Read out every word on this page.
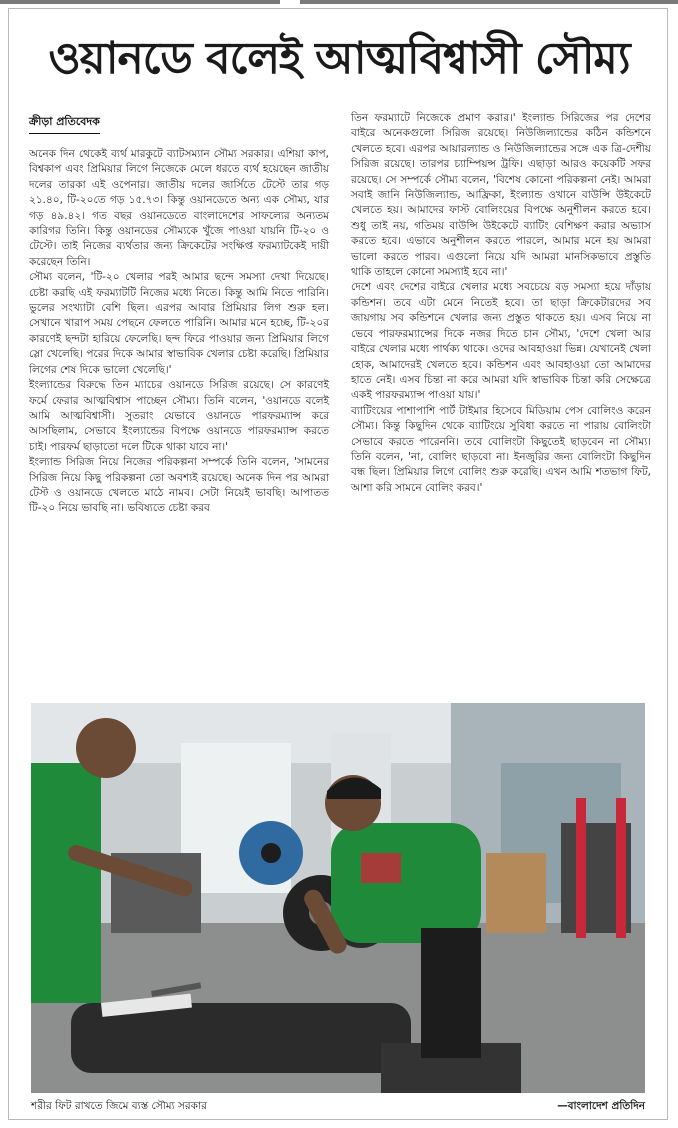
ওয়ানডে বলেই আত্মবিশ্বাসী সৌম্য
ক্রীড়া প্রতিবেদক

অনেক দিন থেকেই ব্যর্থ মারকুটে ব্যাটসম্যান সৌম্য সরকার। এশিয়া কাপ, বিশ্বকাপ এবং প্রিমিয়ার লিগে নিজেকে মেলে ধরতে ব্যর্থ হয়েছেন জাতীয় দলের তারকা এই ওপেনার। জাতীয় দলের জার্সিতে টেস্টে তার গড় ২১.৪০, টি-২০তে গড় ১৫.৭৩। কিন্তু ওয়ানডেতে অন্য এক সৌম্য, যার গড় ৪৯.৪২। গত বছর ওয়ানডেতে বাংলাদেশের সাফল্যের অন্যতম কারিগর তিনি। কিন্তু ওয়ানডের সৌম্যকে খুঁজে পাওয়া যায়নি টি-২০ ও টেস্টে। তাই নিজের ব্যর্থতার জন্য ক্রিকেটের সংক্ষিপ্ত ফরম্যাটকেই দায়ী করেছেন তিনি।

সৌম্য বলেন, 'টি-২০ খেলার পরই আমার ছন্দে সমস্যা দেখা দিয়েছে। চেষ্টা করছি এই ফরম্যাটটি নিজের মধ্যে নিতে। কিন্তু আমি নিতে পারিনি। ভুলের সংখ্যাটা বেশি ছিল। এরপর আবার প্রিমিয়ার লিগ শুরু হল। সেখানে খারাপ সময় পেছনে ফেলতে পারিনি। আমার মনে হচ্ছে, টি-২০র কারণেই ছন্দটা হারিয়ে ফেলেছি। ছন্দ ফিরে পাওয়ার জন্য প্রিমিয়ার লিগে স্লো খেলেছি। পরের দিকে আমার স্বাভাবিক খেলার চেষ্টা করেছি। প্রিমিয়ার লিগের শেষ দিকে ভালো খেলেছি।'

ইংল্যান্ডের বিরুদ্ধে তিন ম্যাচের ওয়ানডে সিরিজ রয়েছে। সে কারণেই ফর্মে ফেরার আত্মবিশ্বাস পাচ্ছেন সৌম্য। তিনি বলেন, 'ওয়ানডে বলেই আমি আত্মবিশ্বাসী। সুতরাং যেভাবে ওয়ানডে পারফরম্যান্স করে আসছিলাম, সেভাবে ইংল্যান্ডের বিপক্ষে ওয়ানডে পারফরম্যান্স করতে চাই। পারফর্ম ছাড়াতো দলে টিকে থাকা যাবে না।'

ইংল্যান্ড সিরিজ নিয়ে নিজের পরিকল্পনা সম্পর্কে তিনি বলেন, 'সামনের সিরিজ নিয়ে কিছু পরিকল্পনা তো অবশ্যই রয়েছে। অনেক দিন পর আমরা টেস্ট ও ওয়ানডে খেলতে মাঠে নামব। সেটা নিয়েই ভাবছি। আপাতত টি-২০ নিয়ে ভাবছি না। ভবিষ্যতে চেষ্টা করব

তিন ফরম্যাটে নিজেকে প্রমাণ করার।' ইংল্যান্ড সিরিজের পর দেশের বাইরে অনেকগুলো সিরিজ রয়েছে। নিউজিল্যান্ডের কঠিন কন্ডিশনে খেলতে হবে। এরপর আয়ারল্যান্ড ও নিউজিল্যান্ডের সঙ্গে এক ত্রি-দেশীয় সিরিজ রয়েছে। তারপর চ্যাম্পিয়ন্স ট্রফি। এছাড়া আরও কয়েকটি সফর রয়েছে। সে সম্পর্কে সৌম্য বলেন, 'বিশেষ কোনো পরিকল্পনা নেই। আমরা সবাই জানি নিউজিল্যান্ড, আফ্রিকা, ইংল্যান্ড ওখানে বাউন্সি উইকেটে খেলতে হয়। আমাদের ফাস্ট বোলিংয়ের বিপক্ষে অনুশীলন করতে হবে। শুধু তাই নয়, গতিময় বাউন্সি উইকেটে ব্যাটিং বেশিক্ষণ করার অভ্যাস করতে হবে। এভাবে অনুশীলন করতে পারলে, আমার মনে হয় আমরা ভালো করতে পারব। এগুলো নিয়ে যদি আমরা মানসিকভাবে প্রস্তুতি থাকি তাহলে কোনো সমস্যাই হবে না।'

দেশে এবং দেশের বাইরে খেলার মধ্যে সবচেয়ে বড় সমস্যা হয়ে দাঁড়ায় কন্ডিশন। তবে এটা মেনে নিতেই হবে। তা ছাড়া ক্রিকেটারদের সব জায়গায় সব কন্ডিশনে খেলার জন্য প্রস্তুত থাকতে হয়। এসব নিয়ে না ভেবে পারফরম্যান্সের দিকে নজর দিতে চান সৌম্য, 'দেশে খেলা আর বাইরে খেলার মধ্যে পার্থক্য থাকে। ওদের আবহাওয়া ভিন্ন। যেখানেই খেলা হোক, আমাদেরই খেলতে হবে। কন্ডিশন এবং আবহাওয়া তো আমাদের হাতে নেই। এসব চিন্তা না করে আমরা যদি স্বাভাবিক চিন্তা করি সেক্ষেত্রে একই পারফরম্যান্স পাওয়া যায়।'

ব্যাটিংয়ের পাশাপাশি পার্ট টাইমার হিসেবে মিডিয়াম পেস বোলিংও করেন সৌম্য। কিন্তু কিছুদিন থেকে ব্যাটিংয়ে সুবিধা করতে না পারায় বোলিংটা সেভাবে করতে পারেননি। তবে বোলিংটা কিছুতেই ছাড়বেন না সৌম্য। তিনি বলেন, 'না, বোলিং ছাড়বো না। ইনজুরির জন্য বোলিংটা কিছুদিন বন্ধ ছিল। প্রিমিয়ার লিগে বোলিং শুরু করেছি। এখন আমি শতভাগ ফিট, আশা করি সামনে বোলিং করব।'

শরীর ফিট রাখতে জিমে ব্যস্ত সৌম্য সরকার	—বাংলাদেশ প্রতিদিন
